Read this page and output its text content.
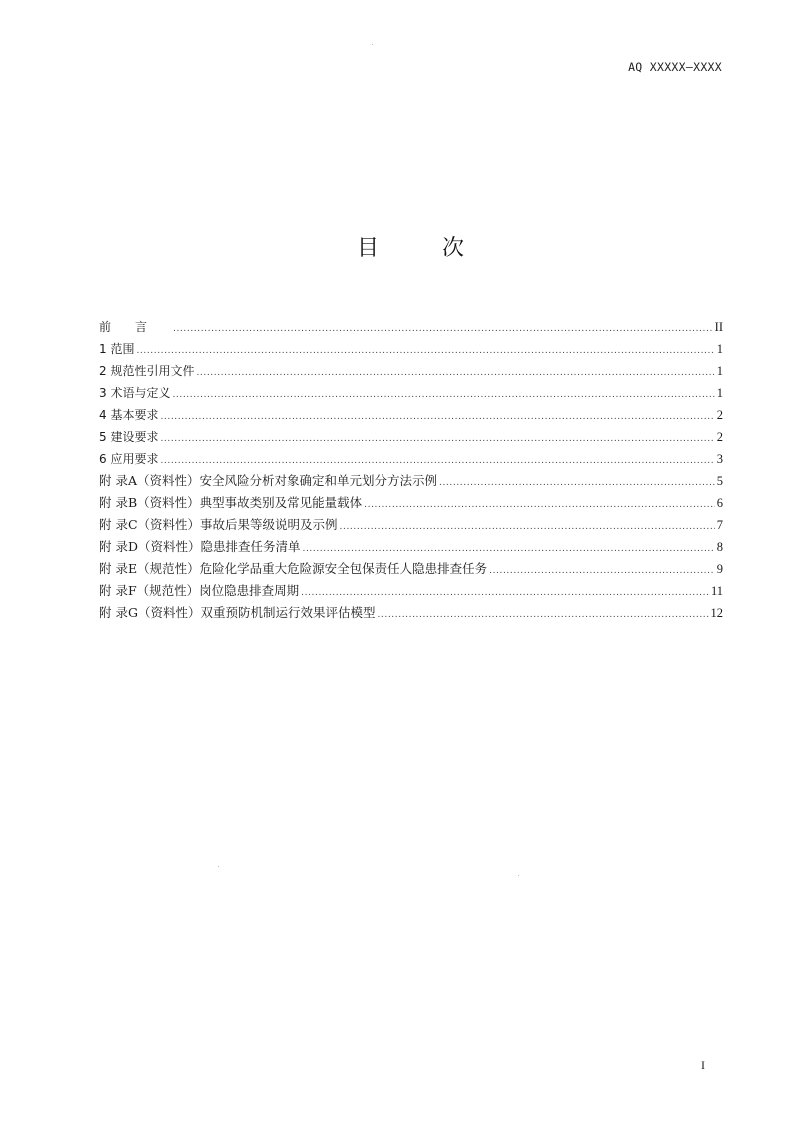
AQ XXXXX—XXXX
目 次
前言 .....	II
1 范围 .....	1
2 规范性引用文件 .....	1
3 术语与定义 .....	1
4 基本要求 .....	2
5 建设要求 .....	2
6 应用要求 .....	3
附 录A（资料性）安全风险分析对象确定和单元划分方法示例 .....	5
附 录B（资料性）典型事故类别及常见能量载体 .....	6
附 录C（资料性）事故后果等级说明及示例 .....	7
附 录D（资料性）隐患排查任务清单 .....	8
附 录E（规范性）危险化学品重大危险源安全包保责任人隐患排查任务 .....	9
附 录F（规范性）岗位隐患排查周期 .....	11
附 录G（资料性）双重预防机制运行效果评估模型 .....	12
I
